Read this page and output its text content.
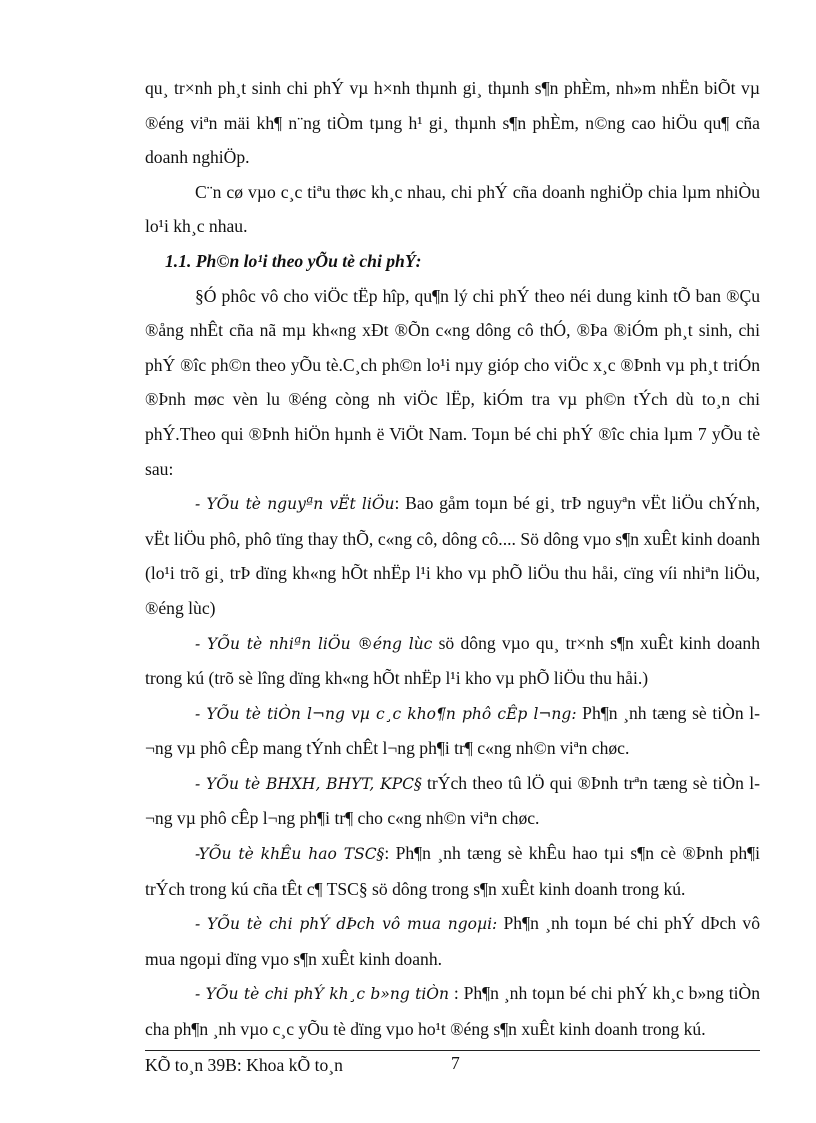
qu¸ tr×nh ph¸t sinh chi phÝ vµ h×nh thµnh gi¸ thµnh s¶n phÈm, nh»m nhËn biÕt vµ ®éng viªn mäi kh¶ n¨ng tiÒm tµng h¹ gi¸ thµnh s¶n phÈm, n©ng cao hiÖu qu¶ cña doanh nghiÖp.

C¨n cø vµo c¸c tiªu thøc kh¸c nhau, chi phÝ cña doanh nghiÖp chia lµm nhiÒu lo¹i kh¸c nhau.

1.1. Ph©n lo¹i theo yÕu tè chi phÝ:

§Ó phôc vô cho viÖc tËp hîp, qu¶n lý chi phÝ theo néi dung kinh tÕ ban ®Çu ®ång nhÊt cña nã mµ kh«ng xÐt ®Õn c«ng dông cô thÓ, ®Þa ®iÓm ph¸t sinh, chi phÝ ®îc ph©n theo yÕu tè.C¸ch ph©n lo¹i nµy gióp cho viÖc x¸c ®Þnh vµ ph¸t triÓn ®Þnh møc vèn lu ®éng còng nh viÖc lËp, kiÓm tra vµ ph©n tÝch dù to¸n chi phÝ.Theo qui ®Þnh hiÖn hµnh ë ViÖt Nam. Toµn bé chi phÝ ®îc chia lµm 7 yÕu tè sau:

- YÕu tè nguyªn vËt liÖu: Bao gåm toµn bé gi¸ trÞ nguyªn vËt liÖu chÝnh, vËt liÖu phô, phô tïng thay thÕ, c«ng cô, dông cô.... Sö dông vµo s¶n xuÊt kinh doanh (lo¹i trõ gi¸ trÞ dïng kh«ng hÕt nhËp l¹i kho vµ phÕ liÖu thu håi, cïng víi nhiªn liÖu, ®éng lùc)

- YÕu tè nhiªn liÖu ®éng lùc sö dông vµo qu¸ tr×nh s¶n xuÊt kinh doanh trong kú (trõ sè lîng dïng kh«ng hÕt nhËp l¹i kho vµ phÕ liÖu thu håi.)

- YÕu tè tiÒn l¬ng vµ c¸c kho¶n phô cÊp l¬ng: Ph¶n ¸nh tæng sè tiÒn l¬ng vµ phô cÊp mang tÝnh chÊt l¬ng ph¶i tr¶ c«ng nh©n viªn chøc.

- YÕu tè BHXH, BHYT, KPC§ trÝch theo tû lÖ qui ®Þnh trªn tæng sè tiÒn l¬ng vµ phô cÊp l¬ng ph¶i tr¶ cho c«ng nh©n viªn chøc.

-YÕu tè khÊu hao TSC§: Ph¶n ¸nh tæng sè khÊu hao tµi s¶n cè ®Þnh ph¶i trÝch trong kú cña tÊt c¶ TSC§ sö dông trong s¶n xuÊt kinh doanh trong kú.

- YÕu tè chi phÝ dÞch vô mua ngoµi: Ph¶n ¸nh toµn bé chi phÝ dÞch vô mua ngoµi dïng vµo s¶n xuÊt kinh doanh.

- YÕu tè chi phÝ kh¸c b»ng tiÒn : Ph¶n ¸nh toµn bé chi phÝ kh¸c b»ng tiÒn cha ph¶n ¸nh vµo c¸c yÕu tè dïng vµo ho¹t ®éng s¶n xuÊt kinh doanh trong kú.

KÕ to¸n 39B: Khoa kÕ to¸n	7
